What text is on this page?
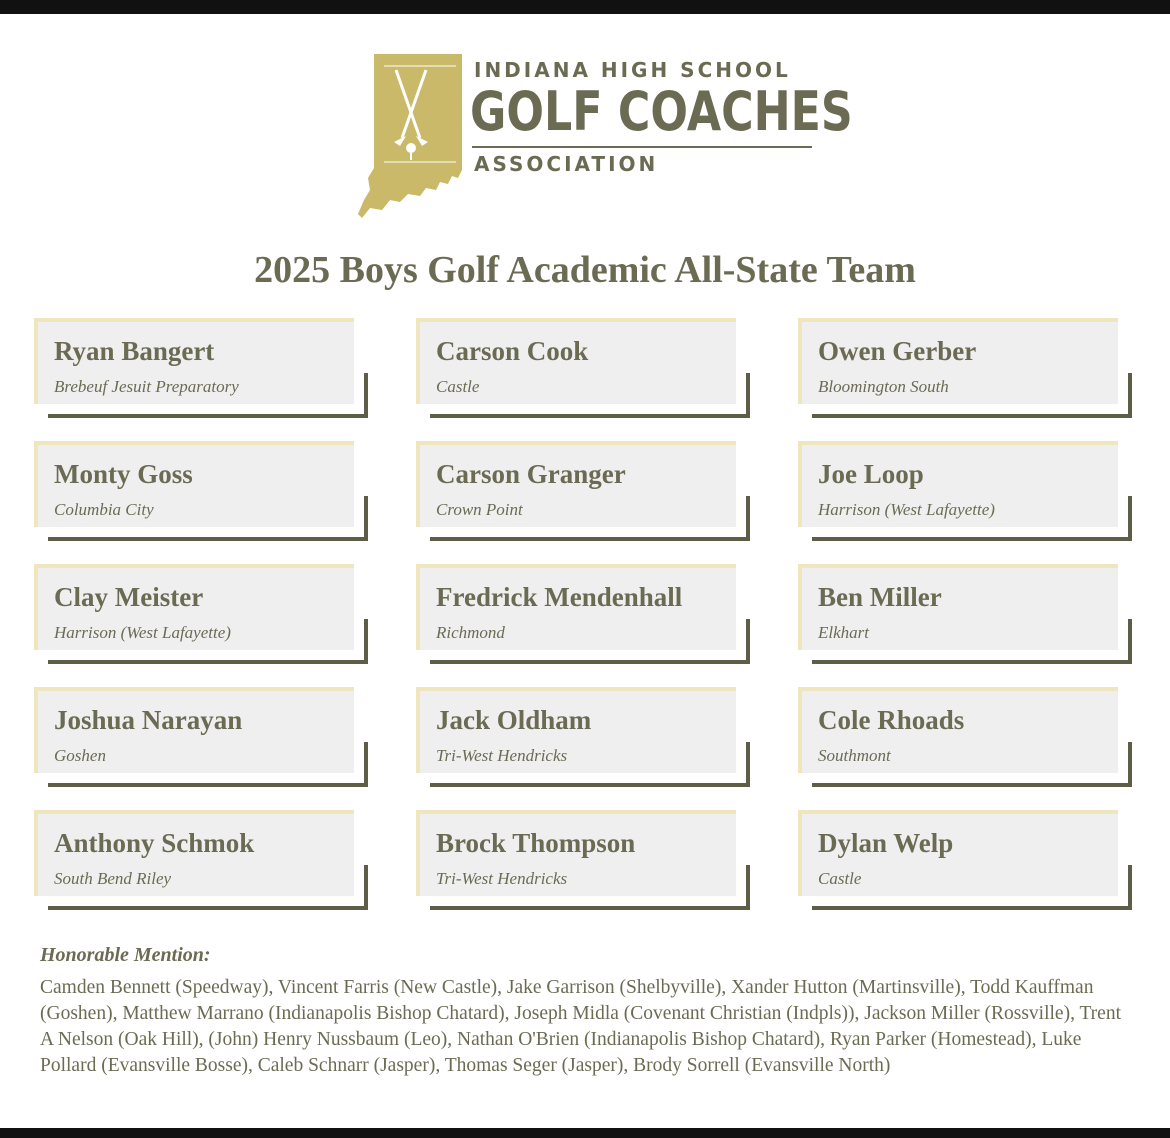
INDIANA HIGH SCHOOL
GOLF COACHES
ASSOCIATION
2025 Boys Golf Academic All-State Team
Ryan Bangert
Brebeuf Jesuit Preparatory
Carson Cook
Castle
Owen Gerber
Bloomington South
Monty Goss
Columbia City
Carson Granger
Crown Point
Joe Loop
Harrison (West Lafayette)
Clay Meister
Harrison (West Lafayette)
Fredrick Mendenhall
Richmond
Ben Miller
Elkhart
Joshua Narayan
Goshen
Jack Oldham
Tri-West Hendricks
Cole Rhoads
Southmont
Anthony Schmok
South Bend Riley
Brock Thompson
Tri-West Hendricks
Dylan Welp
Castle
Honorable Mention:
Camden Bennett (Speedway), Vincent Farris (New Castle), Jake Garrison (Shelbyville), Xander Hutton (Martinsville), Todd Kauffman (Goshen), Matthew Marrano (Indianapolis Bishop Chatard), Joseph Midla (Covenant Christian (Indpls)), Jackson Miller (Rossville), Trent A Nelson (Oak Hill), (John) Henry Nussbaum (Leo), Nathan O'Brien (Indianapolis Bishop Chatard), Ryan Parker (Homestead), Luke Pollard (Evansville Bosse), Caleb Schnarr (Jasper), Thomas Seger (Jasper), Brody Sorrell (Evansville North)
